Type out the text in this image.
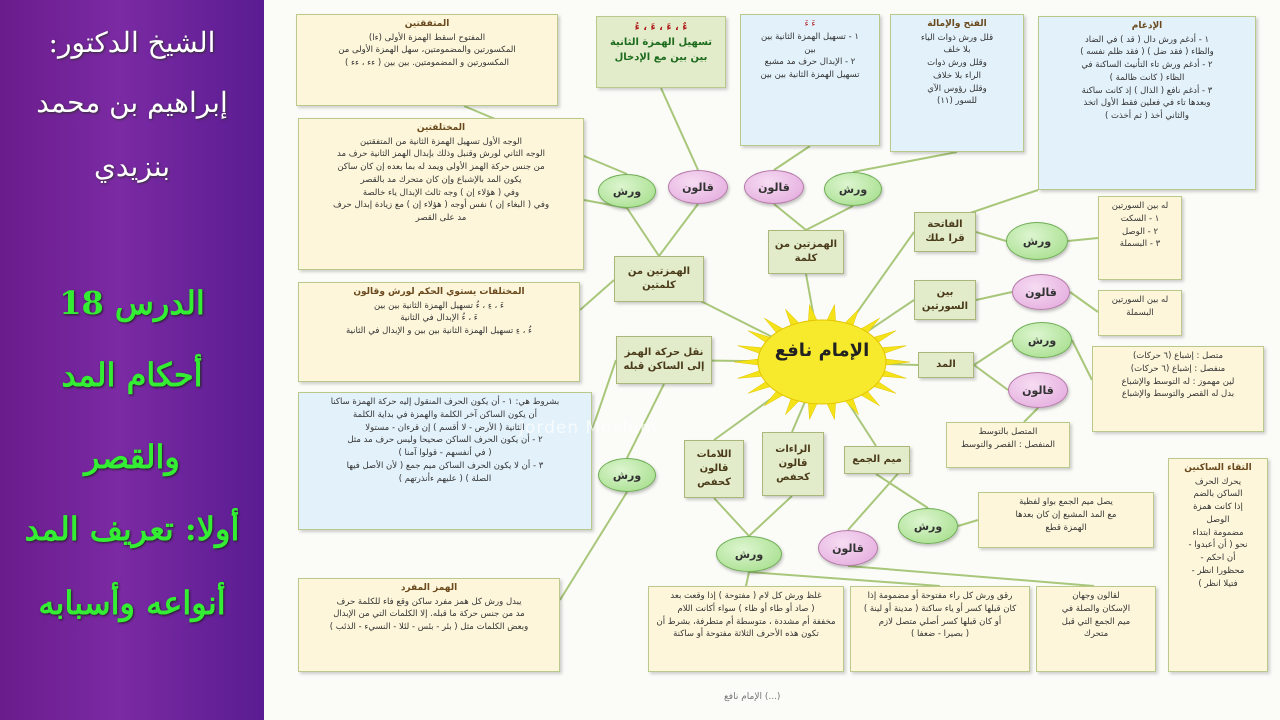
الشيخ الدكتور:
إبراهيم بن محمد
بنزيدي
الدرس 18
أحكام المد
والقصر
أولا: تعريف المد
أنواعه وأسبابه
المتفقتين
المفتوح اسقط الهمزة الأولى (ءا)
المكسورتين والمضمومتين، سهل الهمزة الأولى من
المكسورتين و المضمومتين. بين بين ( ءء ، ءء )
ءٌ ، ءَ ، ءَ ، ءُ
تسهيل الهمزة الثانية
بين بين مع الإدخال
ءَ ءَ
١ - تسهيل الهمزة الثانية بين
بين
٢ - الإبدال حرف مد مشبع
تسهيل الهمزة الثانية بين بين
الفتح والإمالة
قلل ورش ذوات الياء
بلا خلف
وقلل ورش ذوات
الراء بلا خلاف
وقلل رؤوس الآي
للسور (١١)
الإدغام
١ - أدغم ورش دال ( قد ) في الضاد
والظاء ( فقد ضل ) ( فقد ظلم نفسه )
٢ - أدغم ورش تاء التأنيث الساكنة في
الظاء ( كانت ظالمة )
٣ - أدغم نافع ( الذال ) إذ كانت ساكنة
وبعدها تاء في فعلين فقط الأول اتخذ
والثاني أخذ ( ثم أخذت )
المختلفتين
الوجه الأول تسهيل الهمزة الثانية من المتفقتين
الوجه الثاني لورش وقنبل وذلك بإبدال الهمز الثانية حرف مد
من جنس حركة الهمز الأولى ويمد له بما بعده إن كان ساكن
يكون المد بالإشباع وإن كان متحرك مد بالقصر
وفي ( هؤلاء إن ) وجه ثالث الإبدال ياء خالصة
وفي ( البغاء إن ) نفس أوجه ( هؤلاء إن ) مع زيادة إبدال حرف
مد على القصر
المختلفات يستوي الحكم لورش وقالون
ءَ ، ءِ ، ءُ تسهيل الهمزة الثانية بين بين
ءَ ، ءُ الإبدال في الثانية
ءُ ، ءِ تسهيل الهمزة الثانية بين بين و الإبدال في الثانية
بشروط هي: ١ - أن يكون الحرف المنقول إليه حركة الهمزة ساكنا
أن يكون الساكن آخر الكلمة والهمزة في بداية الكلمة
الثانية ( الأرض - لا أقسم ) إن قرءان - مستولا
٢ - أن يكون الحرف الساكن صحيحا وليس حرف مد مثل
( في أنفسهم - قولوا آمنا )
٣ - أن لا يكون الحرف الساكن ميم جمع ( لأن الأصل فيها
الصلة ) ( عليهم ءأنذرتهم )
الهمز المفرد
يبدل ورش كل همز مفرد ساكن وقع فاء للكلمة حرف
مد من جنس حركة ما قبله. إلا الكلمات التي من الإبدال
وبعض الكلمات مثل ( بئر - بئس - لئلا - النسيء - الذئب )
غلظ ورش كل لام ( مفتوحة ) إذا وقعت بعد
( صاد أو طاء أو ظاء ) سواء أكانت اللام
مخففة أم مشددة ، متوسطة أم متطرفة، بشرط أن
تكون هذه الأحرف الثلاثة مفتوحة أو ساكنة
رقق ورش كل راء مفتوحة أو مضمومة إذا
كان قبلها كسر أو ياء ساكنة ( مدينة أو لينة )
أو كان قبلها كسر أصلي متصل لازم
( بصيرا - ضعفا )
لقالون وجهان
الإسكان والصلة في
ميم الجمع التي قبل
متحرك
له بين السورتين
١ - السكت
٢ - الوصل
٣ - البسملة
له بين السورتين
البسملة
متصل : إشباع (٦ حركات)
منفصل : إشباع (٦ حركات)
لين مهموز : له التوسط والإشباع
بدل له القصر والتوسط والإشباع
المتصل بالتوسط
المنفصل : القصر والتوسط
يصل ميم الجمع بواو لفظية
مع المد المشبع إن كان بعدها
الهمزة قطع
التقاء الساكنين
يحرك الحرف
الساكن بالضم
إذا كانت همزة
الوصل
مضمومة ابتداء
نحو ( أن أعبدوا -
أن احكم -
محظورا انظر -
فتيلا انظر )
الهمزتين من
كلمتين
الهمزتين من
كلمة
نقل حركة الهمز
إلى الساكن قبله
الفاتحة
قرا ملك
بين
السورتين
المد
ميم الجمع
اللامات
قالون
كحفص
الراءات
قالون
كحفص
ورش	قالون	قالون	ورش
ورش
قالون
ورش
قالون
ورش
ورش	قالون
ورش
الإمام نافع
Jorden Moslum
(...) الإمام نافع
